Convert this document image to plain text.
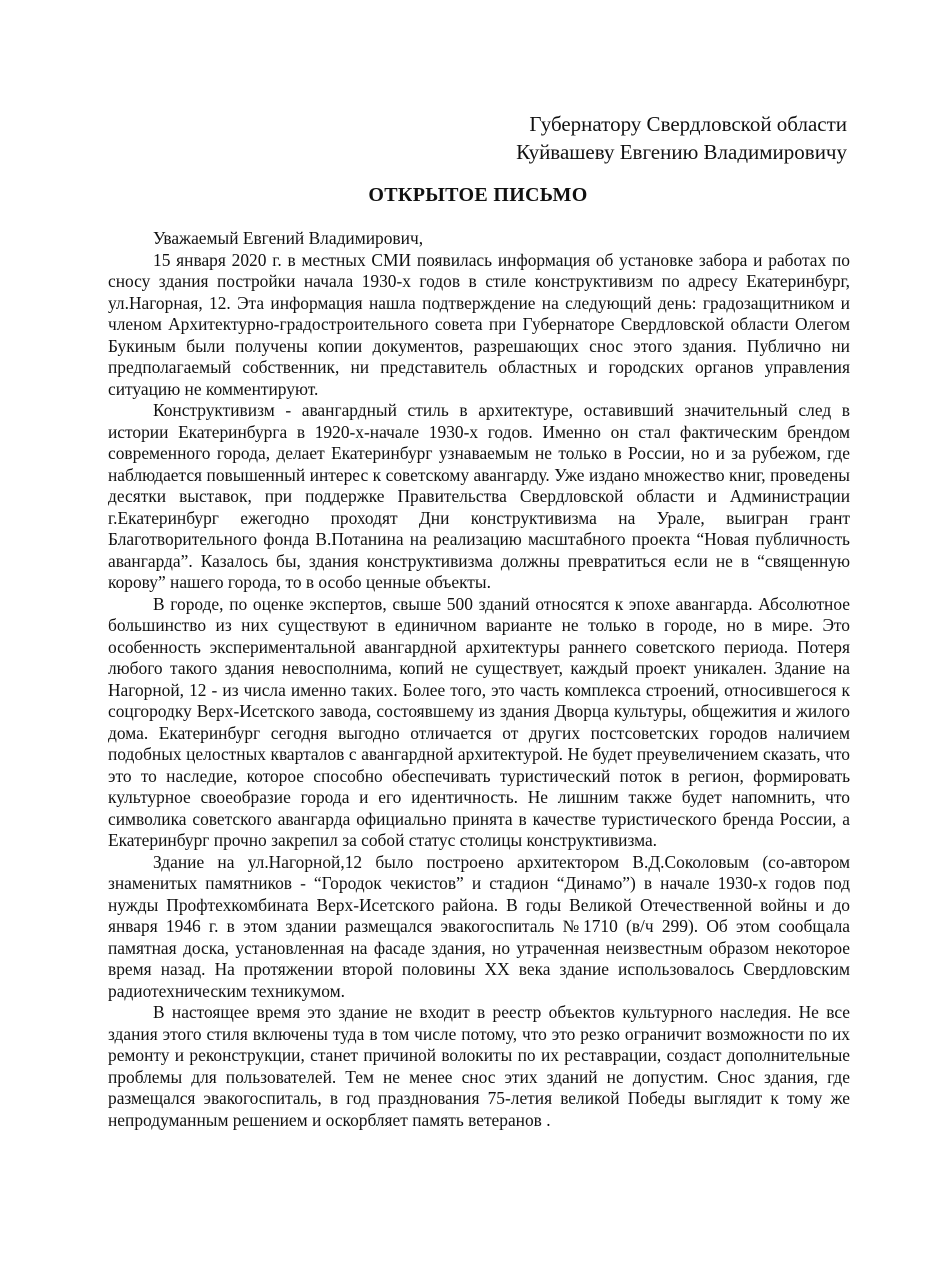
Губернатору Свердловской области
Куйвашеву Евгению Владимировичу
ОТКРЫТОЕ ПИСЬМО

Уважаемый Евгений Владимирович,

15 января 2020 г. в местных СМИ появилась информация об установке забора и работах по сносу здания постройки начала 1930-х годов в стиле конструктивизм по адресу Екатеринбург, ул.Нагорная, 12. Эта информация нашла подтверждение на следующий день: градозащитником и членом Архитектурно-градостроительного совета при Губернаторе Свердловской области Олегом Букиным были получены копии документов, разрешающих снос этого здания. Публично ни предполагаемый собственник, ни представитель областных и городских органов управления ситуацию не комментируют.

Конструктивизм - авангардный стиль в архитектуре, оставивший значительный след в истории Екатеринбурга в 1920-х-начале 1930-х годов. Именно он стал фактическим брендом современного города, делает Екатеринбург узнаваемым не только в России, но и за рубежом, где наблюдается повышенный интерес к советскому авангарду. Уже издано множество книг, проведены десятки выставок, при поддержке Правительства Свердловской области и Администрации г.Екатеринбург ежегодно проходят Дни конструктивизма на Урале, выигран грант Благотворительного фонда В.Потанина на реализацию масштабного проекта “Новая публичность авангарда”. Казалось бы, здания конструктивизма должны превратиться если не в “священную корову” нашего города, то в особо ценные объекты.

В городе, по оценке экспертов, свыше 500 зданий относятся к эпохе авангарда. Абсолютное большинство из них существуют в единичном варианте не только в городе, но в мире. Это особенность экспериментальной авангардной архитектуры раннего советского периода. Потеря любого такого здания невосполнима, копий не существует, каждый проект уникален. Здание на Нагорной, 12 - из числа именно таких. Более того, это часть комплекса строений, относившегося к соцгородку Верх-Исетского завода, состоявшему из здания Дворца культуры, общежития и жилого дома. Екатеринбург сегодня выгодно отличается от других постсоветских городов наличием подобных целостных кварталов с авангардной архитектурой. Не будет преувеличением сказать, что это то наследие, которое способно обеспечивать туристический поток в регион, формировать культурное своеобразие города и его идентичность. Не лишним также будет напомнить, что символика советского авангарда официально принята в качестве туристического бренда России, а Екатеринбург прочно закрепил за собой статус столицы конструктивизма.

Здание на ул.Нагорной,12 было построено архитектором В.Д.Соколовым (со-автором знаменитых памятников - “Городок чекистов” и стадион “Динамо”) в начале 1930-х годов под нужды Профтехкомбината Верх-Исетского района. В годы Великой Отечественной войны и до января 1946 г. в этом здании размещался эвакогоспиталь №1710 (в/ч 299). Об этом сообщала памятная доска, установленная на фасаде здания, но утраченная неизвестным образом некоторое время назад. На протяжении второй половины XX века здание использовалось Свердловским радиотехническим техникумом.

В настоящее время это здание не входит в реестр объектов культурного наследия. Не все здания этого стиля включены туда в том числе потому, что это резко ограничит возможности по их ремонту и реконструкции, станет причиной волокиты по их реставрации, создаст дополнительные проблемы для пользователей. Тем не менее снос этих зданий не допустим. Снос здания, где размещался эвакогоспиталь, в год празднования 75-летия великой Победы выглядит к тому же непродуманным решением и оскорбляет память ветеранов .
